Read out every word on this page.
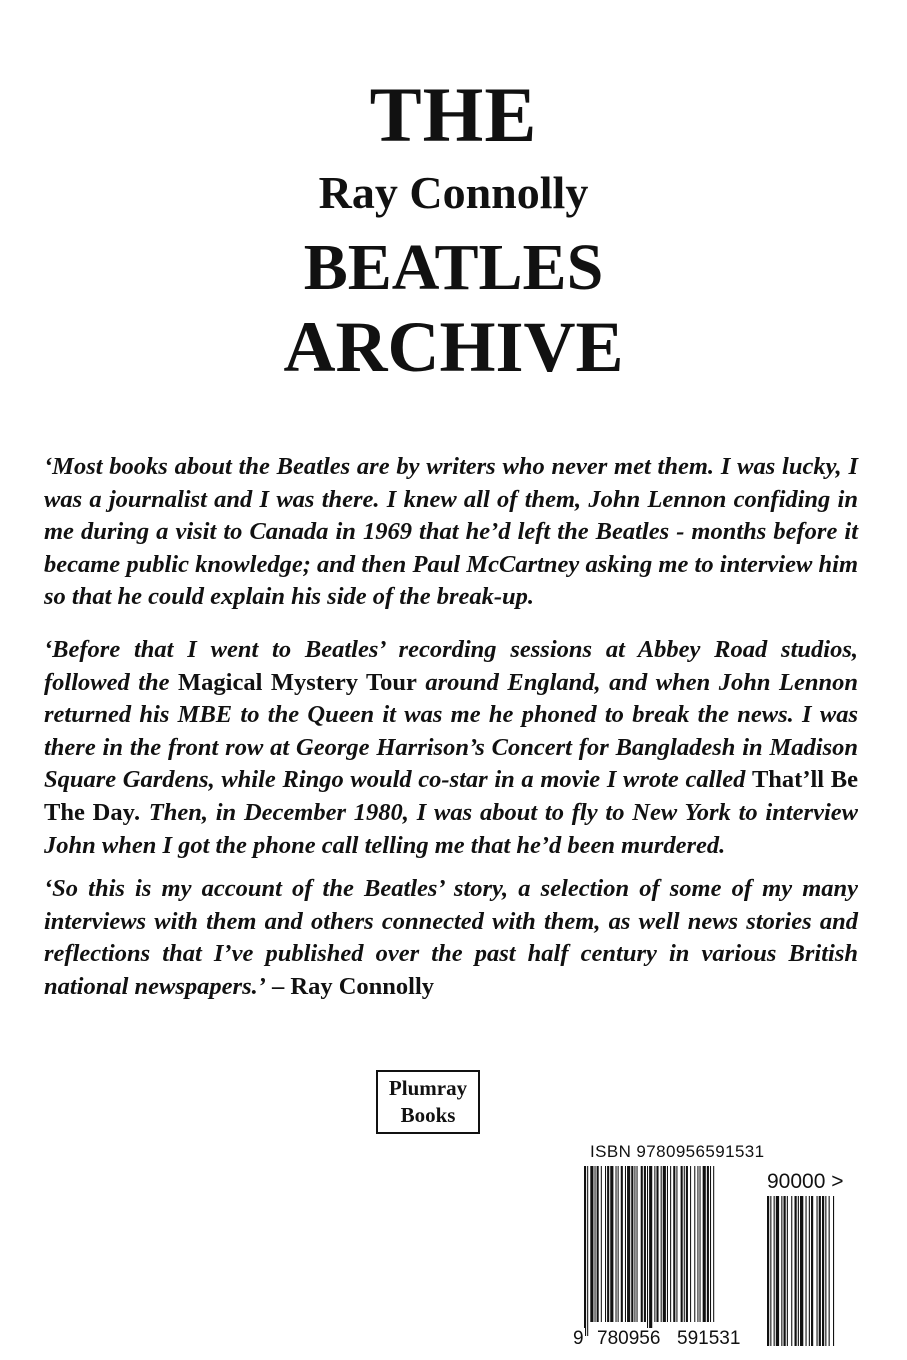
THE
Ray Connolly
BEATLES
ARCHIVE

‘Most books about the Beatles are by writers who never met them. I was lucky, I was a journalist and I was there. I knew all of them, John Lennon confiding in me during a visit to Canada in 1969 that he’d left the Beatles - months before it became public knowledge; and then Paul McCartney asking me to interview him so that he could explain his side of the break-up.

‘Before that I went to Beatles’ recording sessions at Abbey Road studios, followed the Magical Mystery Tour around England, and when John Lennon returned his MBE to the Queen it was me he phoned to break the news. I was there in the front row at George Harrison’s Concert for Bangladesh in Madison Square Gardens, while Ringo would co-star in a movie I wrote called That’ll Be The Day. Then, in December 1980, I was about to fly to New York to interview John when I got the phone call telling me that he’d been murdered.

‘So this is my account of the Beatles’ story, a selection of some of my many interviews with them and others connected with them, as well news stories and reflections that I’ve published over the past half century in various British national newspapers.’ – Ray Connolly

Plumray
Books
ISBN 9780956591531
90000 >
9 780956 591531
